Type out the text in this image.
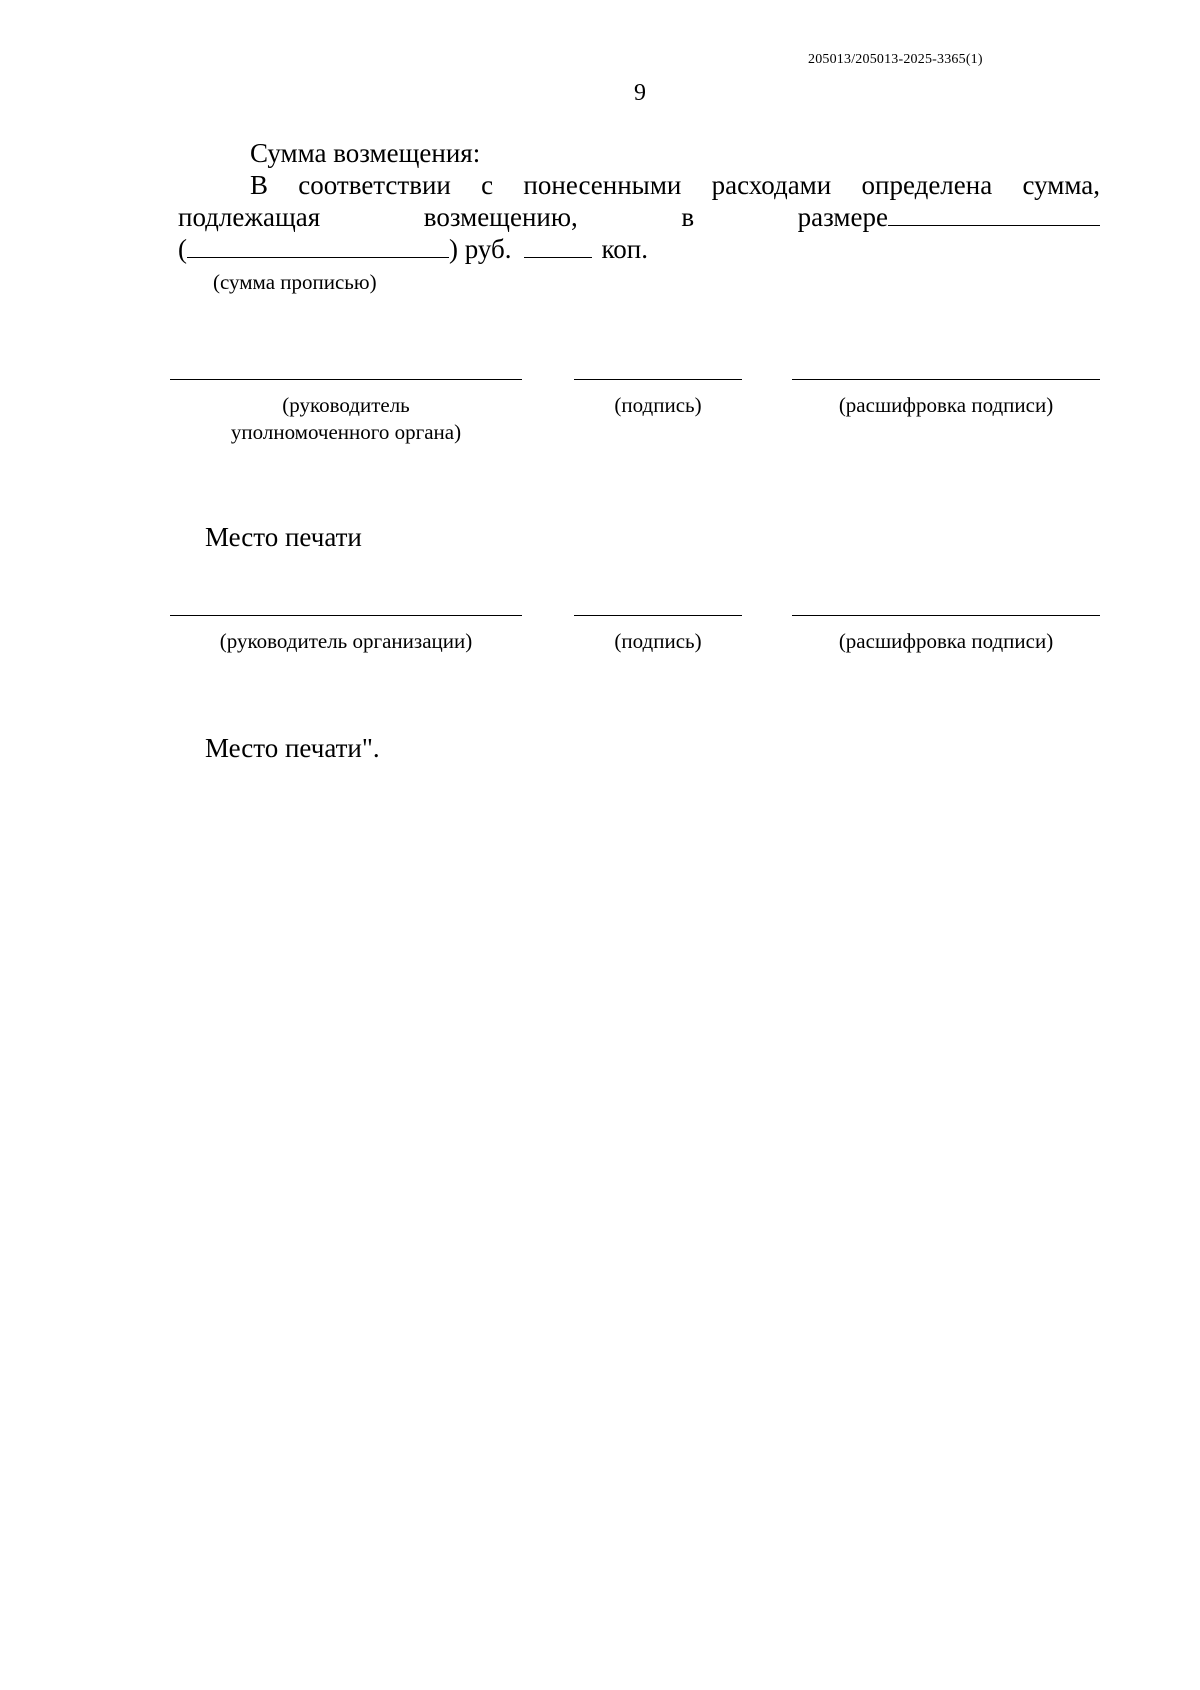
205013/205013-2025-3365(1)
9
Сумма возмещения:
В соответствии с понесенными расходами определена сумма,
подлежащая	возмещению,	в	размере
(	) руб.	коп.
(сумма прописью)
(руководитель
уполномоченного органа)
(подпись)	(расшифровка подписи)
Место печати
(руководитель организации)	(подпись)	(расшифровка подписи)
Место печати".
